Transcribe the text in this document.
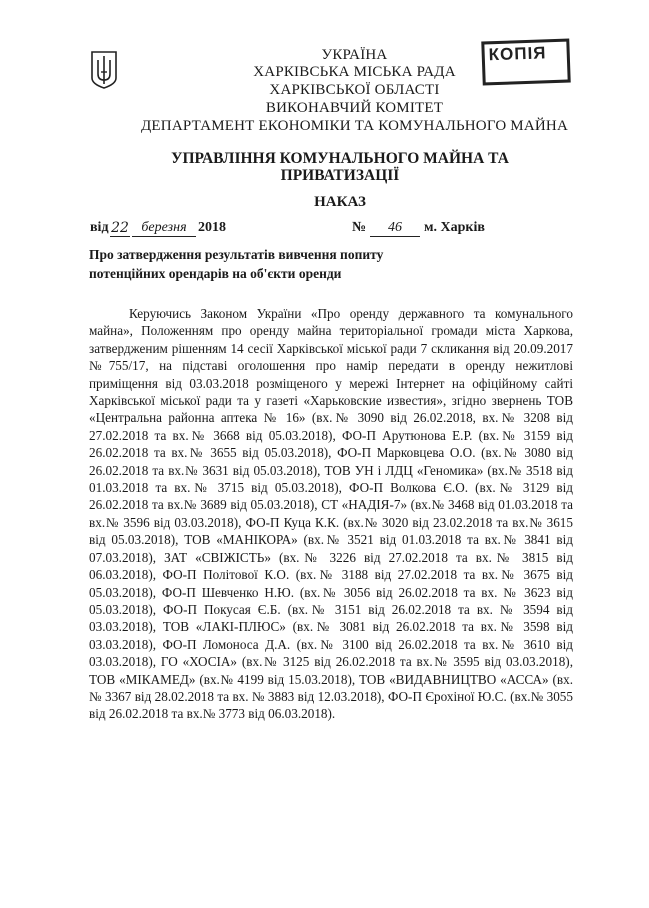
УКРАЇНА
ХАРКІВСЬКА МІСЬКА РАДА
ХАРКІВСЬКОЇ ОБЛАСТІ
ВИКОНАВЧИЙ КОМІТЕТ
ДЕПАРТАМЕНТ ЕКОНОМІКИ ТА КОМУНАЛЬНОГО МАЙНА
КОПІЯ
УПРАВЛІННЯ КОМУНАЛЬНОГО МАЙНА ТА
ПРИВАТИЗАЦІЇ
НАКАЗ
від 22 березня 2018	№	46	м. Харків
Про затвердження результатів вивчення попиту потенційних орендарів на об'єкти оренди
Керуючись Законом України «Про оренду державного та комунального майна», Положенням про оренду майна територіальної громади міста Харкова, затвердженим рішенням 14 сесії Харківської міської ради 7 скликання від 20.09.2017 №755/17, на підставі оголошення про намір передати в оренду нежитлові приміщення від 03.03.2018 розміщеного у мережі Інтернет на офіційному сайті Харківської міської ради та у газеті «Харьковские известия», згідно звернень ТОВ «Центральна районна аптека № 16» (вх.№ 3090 від 26.02.2018, вх.№ 3208 від 27.02.2018 та вх.№ 3668 від 05.03.2018), ФО-П Арутюнова Е.Р. (вх.№ 3159 від 26.02.2018 та вх.№ 3655 від 05.03.2018), ФО-П Марковцева О.О. (вх.№ 3080 від 26.02.2018 та вх.№ 3631 від 05.03.2018), ТОВ УН і ЛДЦ «Геномика» (вх.№ 3518 від 01.03.2018 та вх.№ 3715 від 05.03.2018), ФО-П Волкова Є.О. (вх.№ 3129 від 26.02.2018 та вх.№ 3689 від 05.03.2018), СТ «НАДІЯ-7» (вх.№ 3468 від 01.03.2018 та вх.№ 3596 від 03.03.2018), ФО-П Куца К.К. (вх.№ 3020 від 23.02.2018 та вх.№ 3615 від 05.03.2018), ТОВ «МАНІКОРА» (вх.№ 3521 від 01.03.2018 та вх.№ 3841 від 07.03.2018), ЗАТ «СВІЖІСТЬ» (вх.№ 3226 від 27.02.2018 та вх.№ 3815 від 06.03.2018), ФО-П Політової К.О. (вх.№ 3188 від 27.02.2018 та вх.№ 3675 від 05.03.2018), ФО-П Шевченко Н.Ю. (вх.№ 3056 від 26.02.2018 та вх. № 3623 від 05.03.2018), ФО-П Покусая Є.Б. (вх.№ 3151 від 26.02.2018 та вх. № 3594 від 03.03.2018), ТОВ «ЛАКІ-ПЛЮС» (вх.№ 3081 від 26.02.2018 та вх.№ 3598 від 03.03.2018), ФО-П Ломоноса Д.А. (вх.№ 3100 від 26.02.2018 та вх.№ 3610 від 03.03.2018), ГО «ХОСІА» (вх.№ 3125 від 26.02.2018 та вх.№ 3595 від 03.03.2018), ТОВ «МІКАМЕД» (вх.№ 4199 від 15.03.2018), ТОВ «ВИДАВНИЦТВО «АССА» (вх.№ 3367 від 28.02.2018 та вх. № 3883 від 12.03.2018), ФО-П Єрохіної Ю.С. (вх.№ 3055 від 26.02.2018 та вх.№ 3773 від 06.03.2018).
